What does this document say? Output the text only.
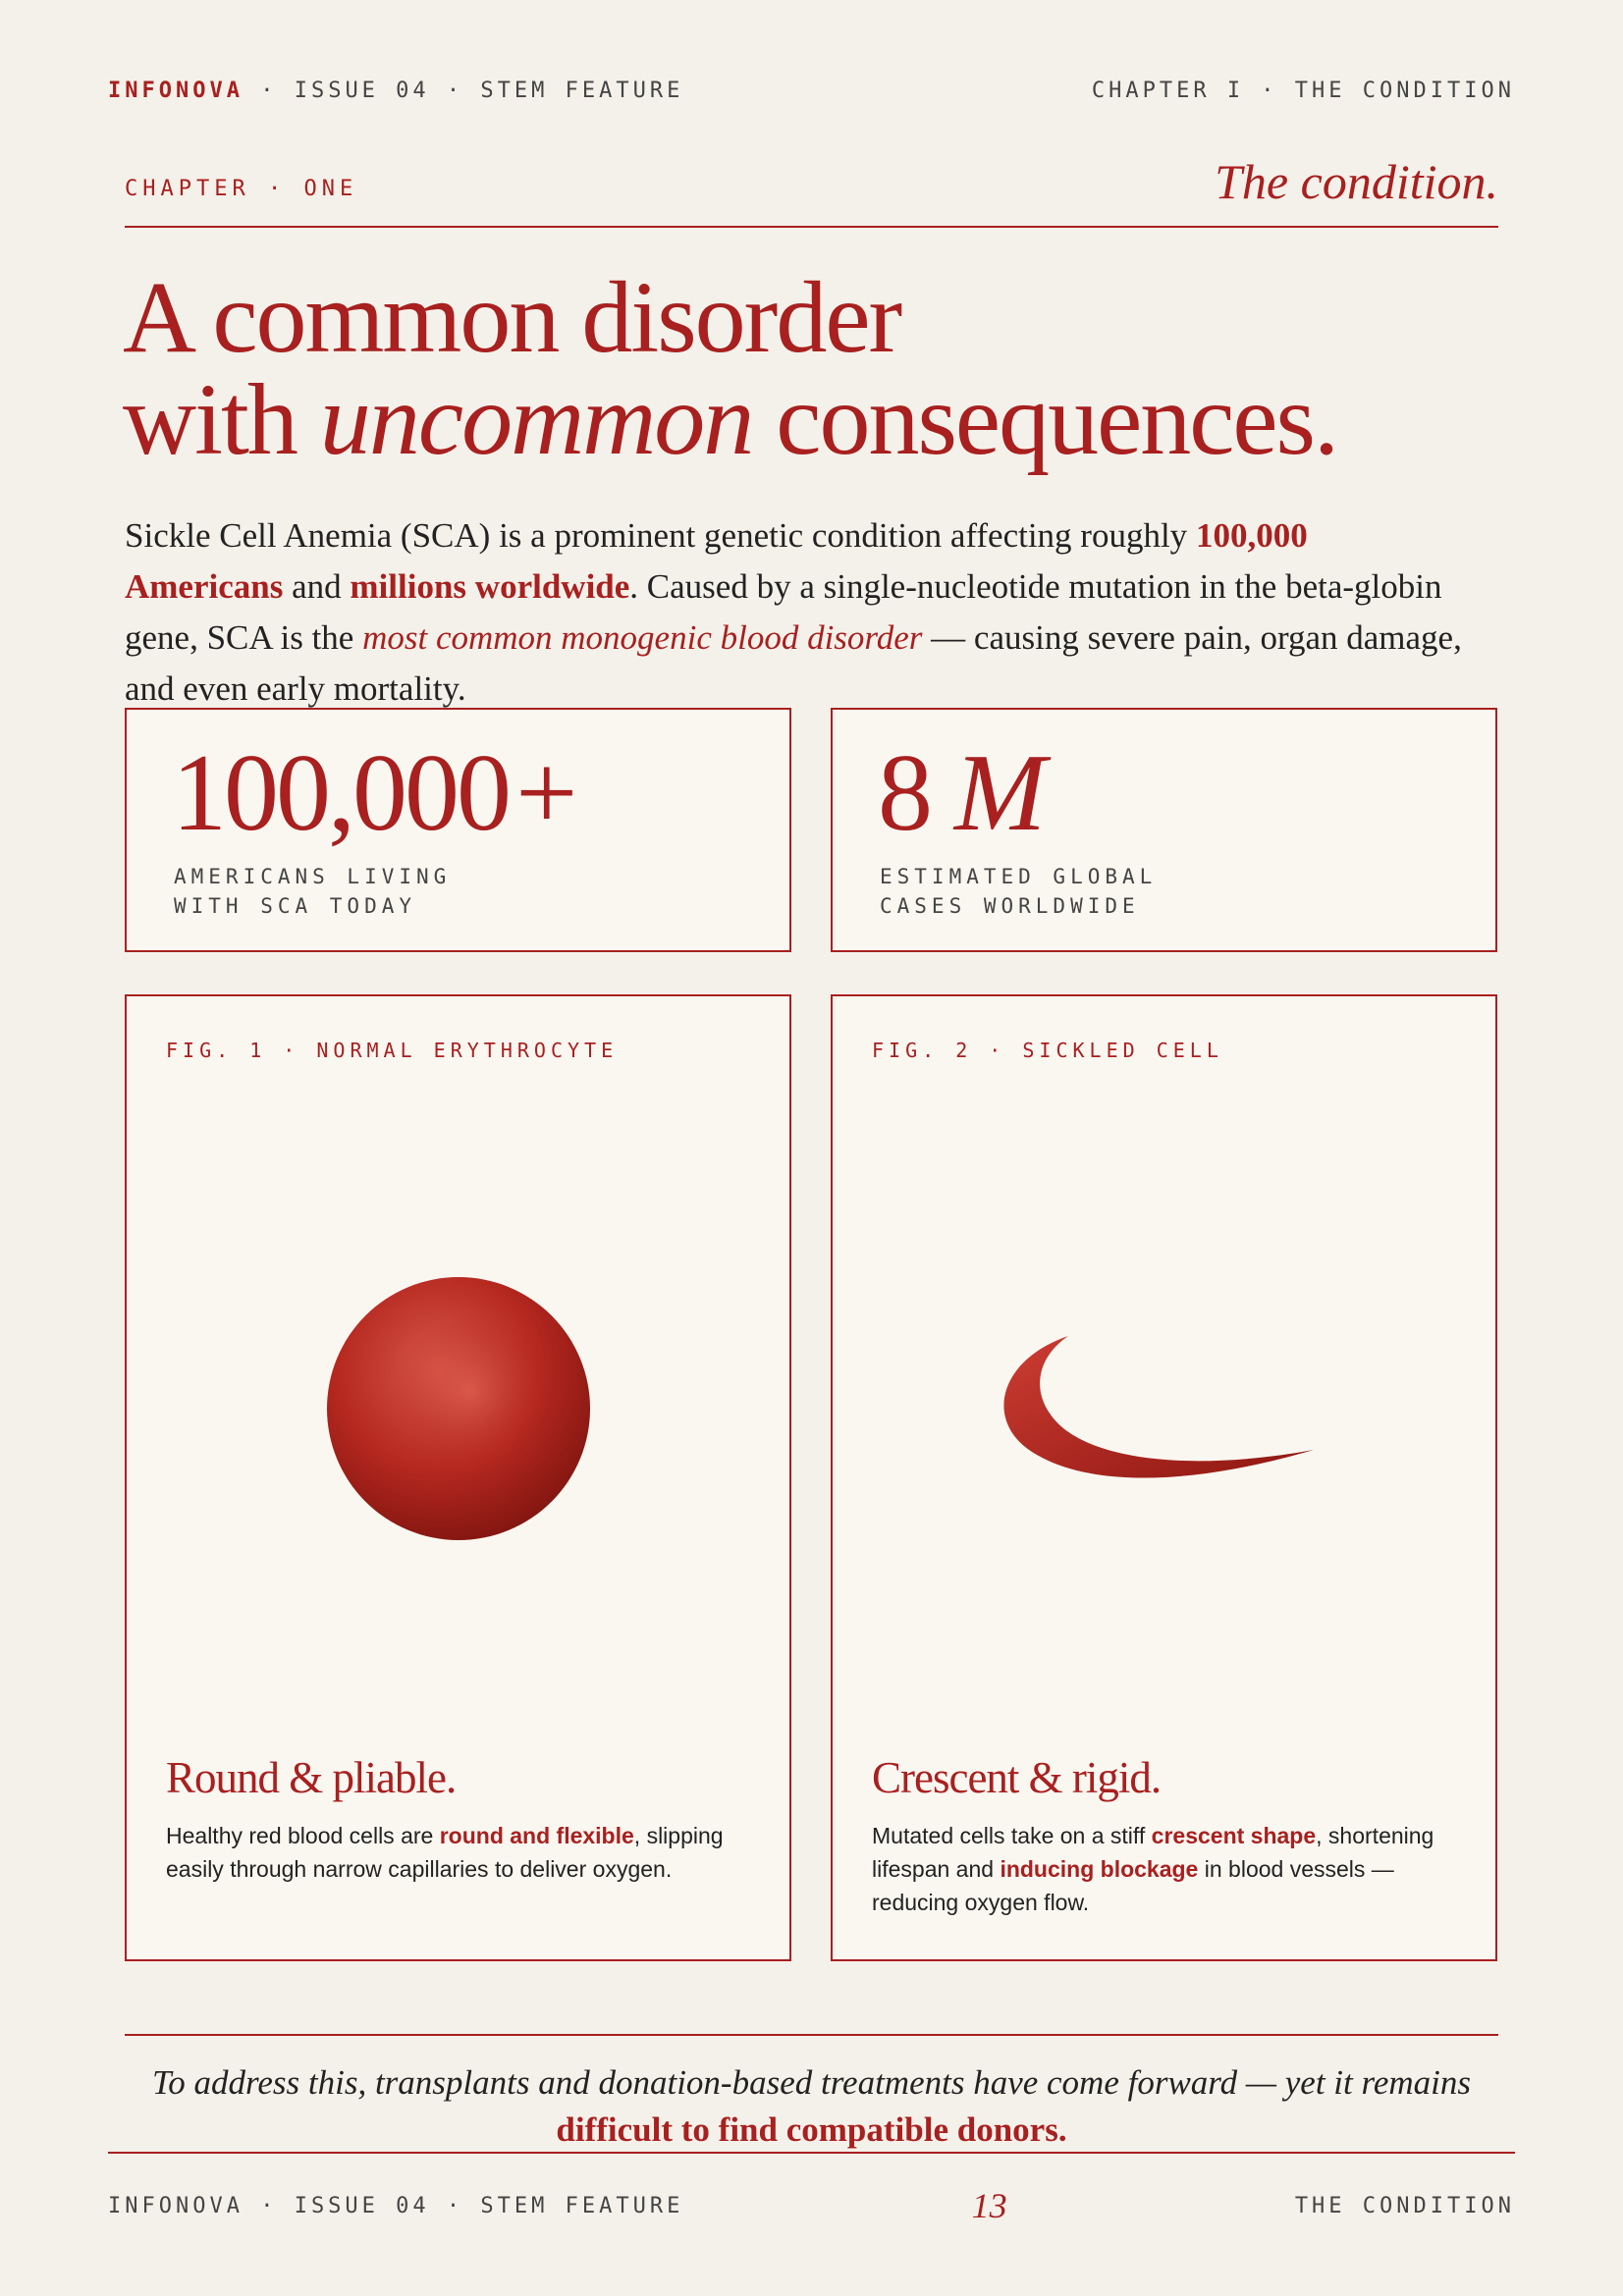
INFONOVA · ISSUE 04 · STEM FEATURE	CHAPTER I · THE CONDITION
CHAPTER · ONE	The condition.
A common disorder
with uncommon consequences.
Sickle Cell Anemia (SCA) is a prominent genetic condition affecting roughly 100,000 Americans and millions worldwide. Caused by a single-nucleotide mutation in the beta-globin gene, SCA is the most common monogenic blood disorder — causing severe pain, organ damage, and even early mortality.
100,000+
AMERICANS LIVING
WITH SCA TODAY
8 M
ESTIMATED GLOBAL
CASES WORLDWIDE
FIG. 1 · NORMAL ERYTHROCYTE
Round & pliable.
Healthy red blood cells are round and flexible, slipping easily through narrow capillaries to deliver oxygen.
FIG. 2 · SICKLED CELL
Crescent & rigid.
Mutated cells take on a stiff crescent shape, shortening lifespan and inducing blockage in blood vessels — reducing oxygen flow.
To address this, transplants and donation-based treatments have come forward — yet it remains difficult to find compatible donors.
INFONOVA · ISSUE 04 · STEM FEATURE	13	THE CONDITION
